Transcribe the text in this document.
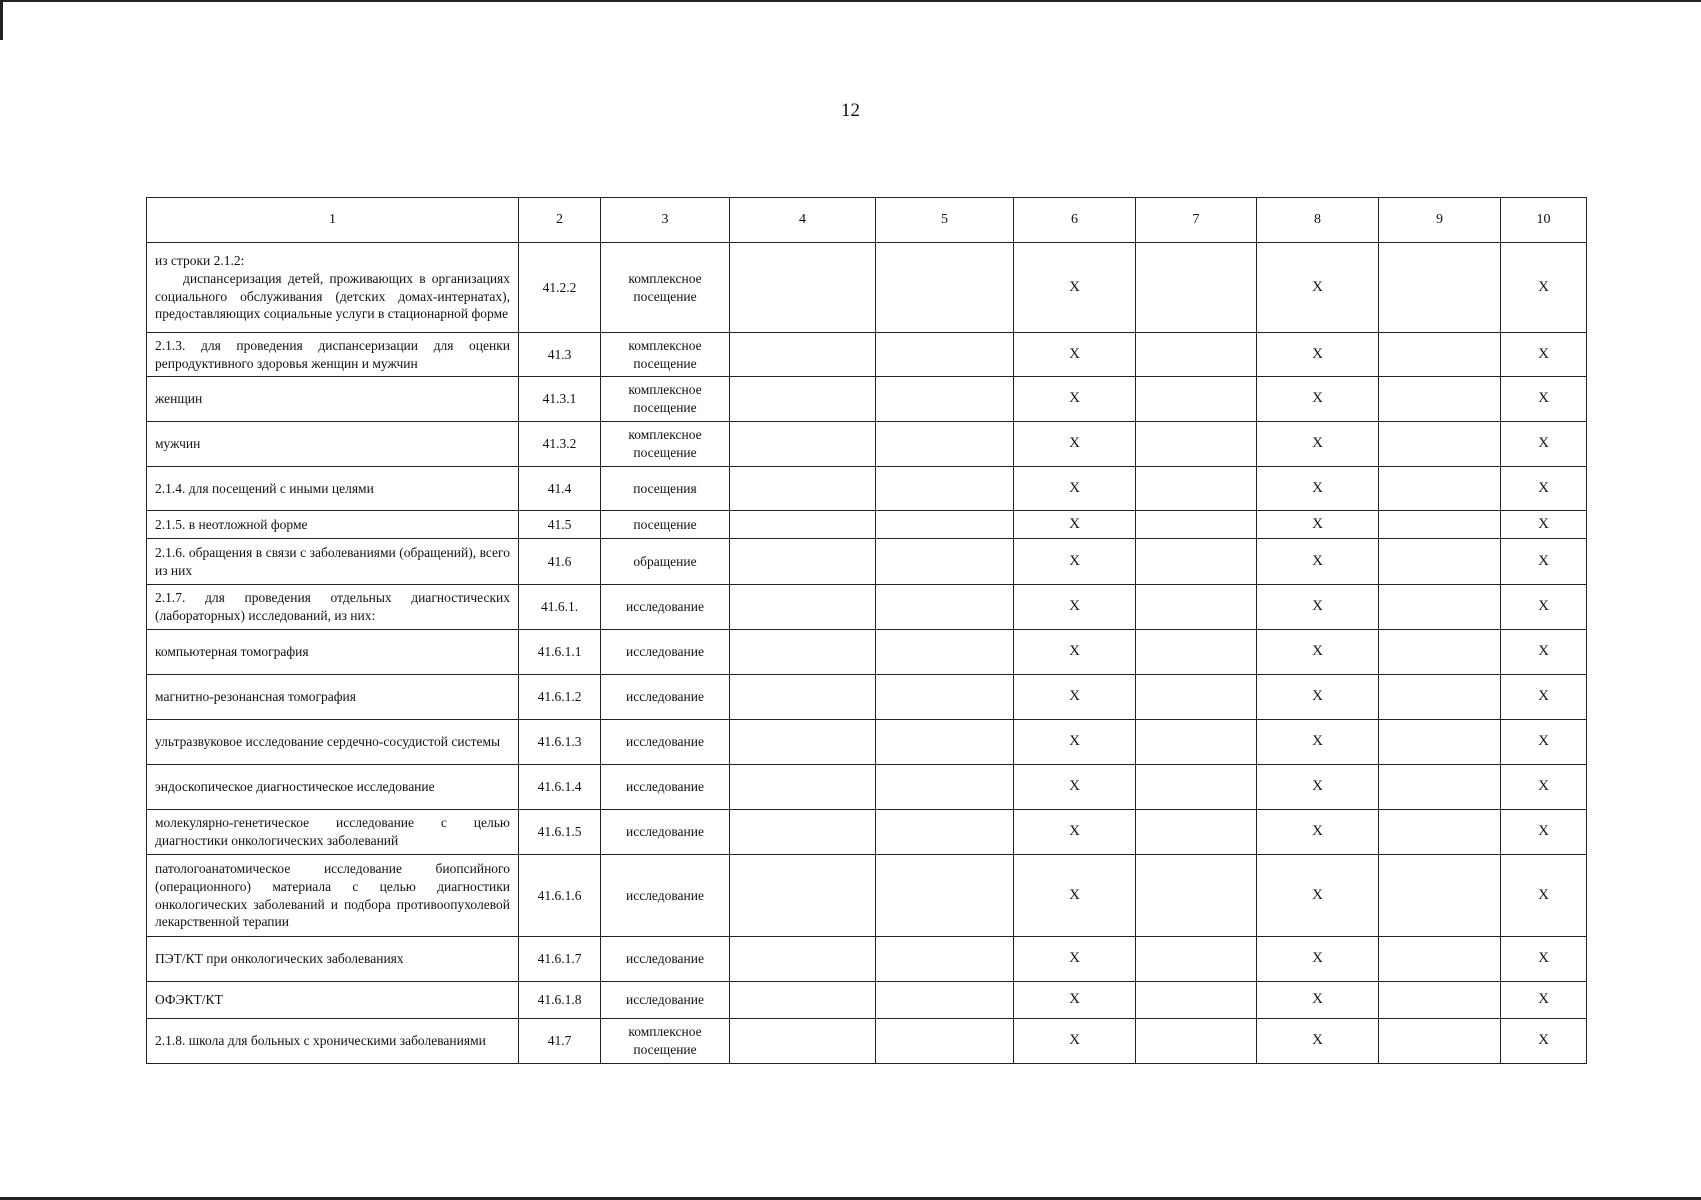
12
1	2	3	4	5	6	7	8	9	10

из строки 2.1.2:
диспансеризация детей, проживающих в организациях социального обслуживания (детских домах-интернатах), предоставляющих социальные услуги в стационарной форме	41.2.2	комплексное посещение			X		X		X
2.1.3. для проведения диспансеризации для оценки репродуктивного здоровья женщин и мужчин	41.3	комплексное посещение			X		X		X
женщин	41.3.1	комплексное посещение			X		X		X
мужчин	41.3.2	комплексное посещение			X		X		X
2.1.4. для посещений с иными целями	41.4	посещения			X		X		X
2.1.5. в неотложной форме	41.5	посещение			X		X		X
2.1.6. обращения в связи с заболеваниями (обращений), всего из них	41.6	обращение			X		X		X
2.1.7. для проведения отдельных диагностических (лабораторных) исследований, из них:	41.6.1.	исследование			X		X		X
компьютерная томография	41.6.1.1	исследование			X		X		X
магнитно-резонансная томография	41.6.1.2	исследование			X		X		X
ультразвуковое исследование сердечно-сосудистой системы	41.6.1.3	исследование			X		X		X
эндоскопическое диагностическое исследование	41.6.1.4	исследование			X		X		X
молекулярно-генетическое исследование с целью диагностики онкологических заболеваний	41.6.1.5	исследование			X		X		X
патологоанатомическое исследование биопсийного (операционного) материала с целью диагностики онкологических заболеваний и подбора противоопухолевой лекарственной терапии	41.6.1.6	исследование			X		X		X
ПЭТ/КТ при онкологических заболеваниях	41.6.1.7	исследование			X		X		X
ОФЭКТ/КТ	41.6.1.8	исследование			X		X		X
2.1.8. школа для больных с хроническими заболеваниями	41.7	комплексное посещение			X		X		X
